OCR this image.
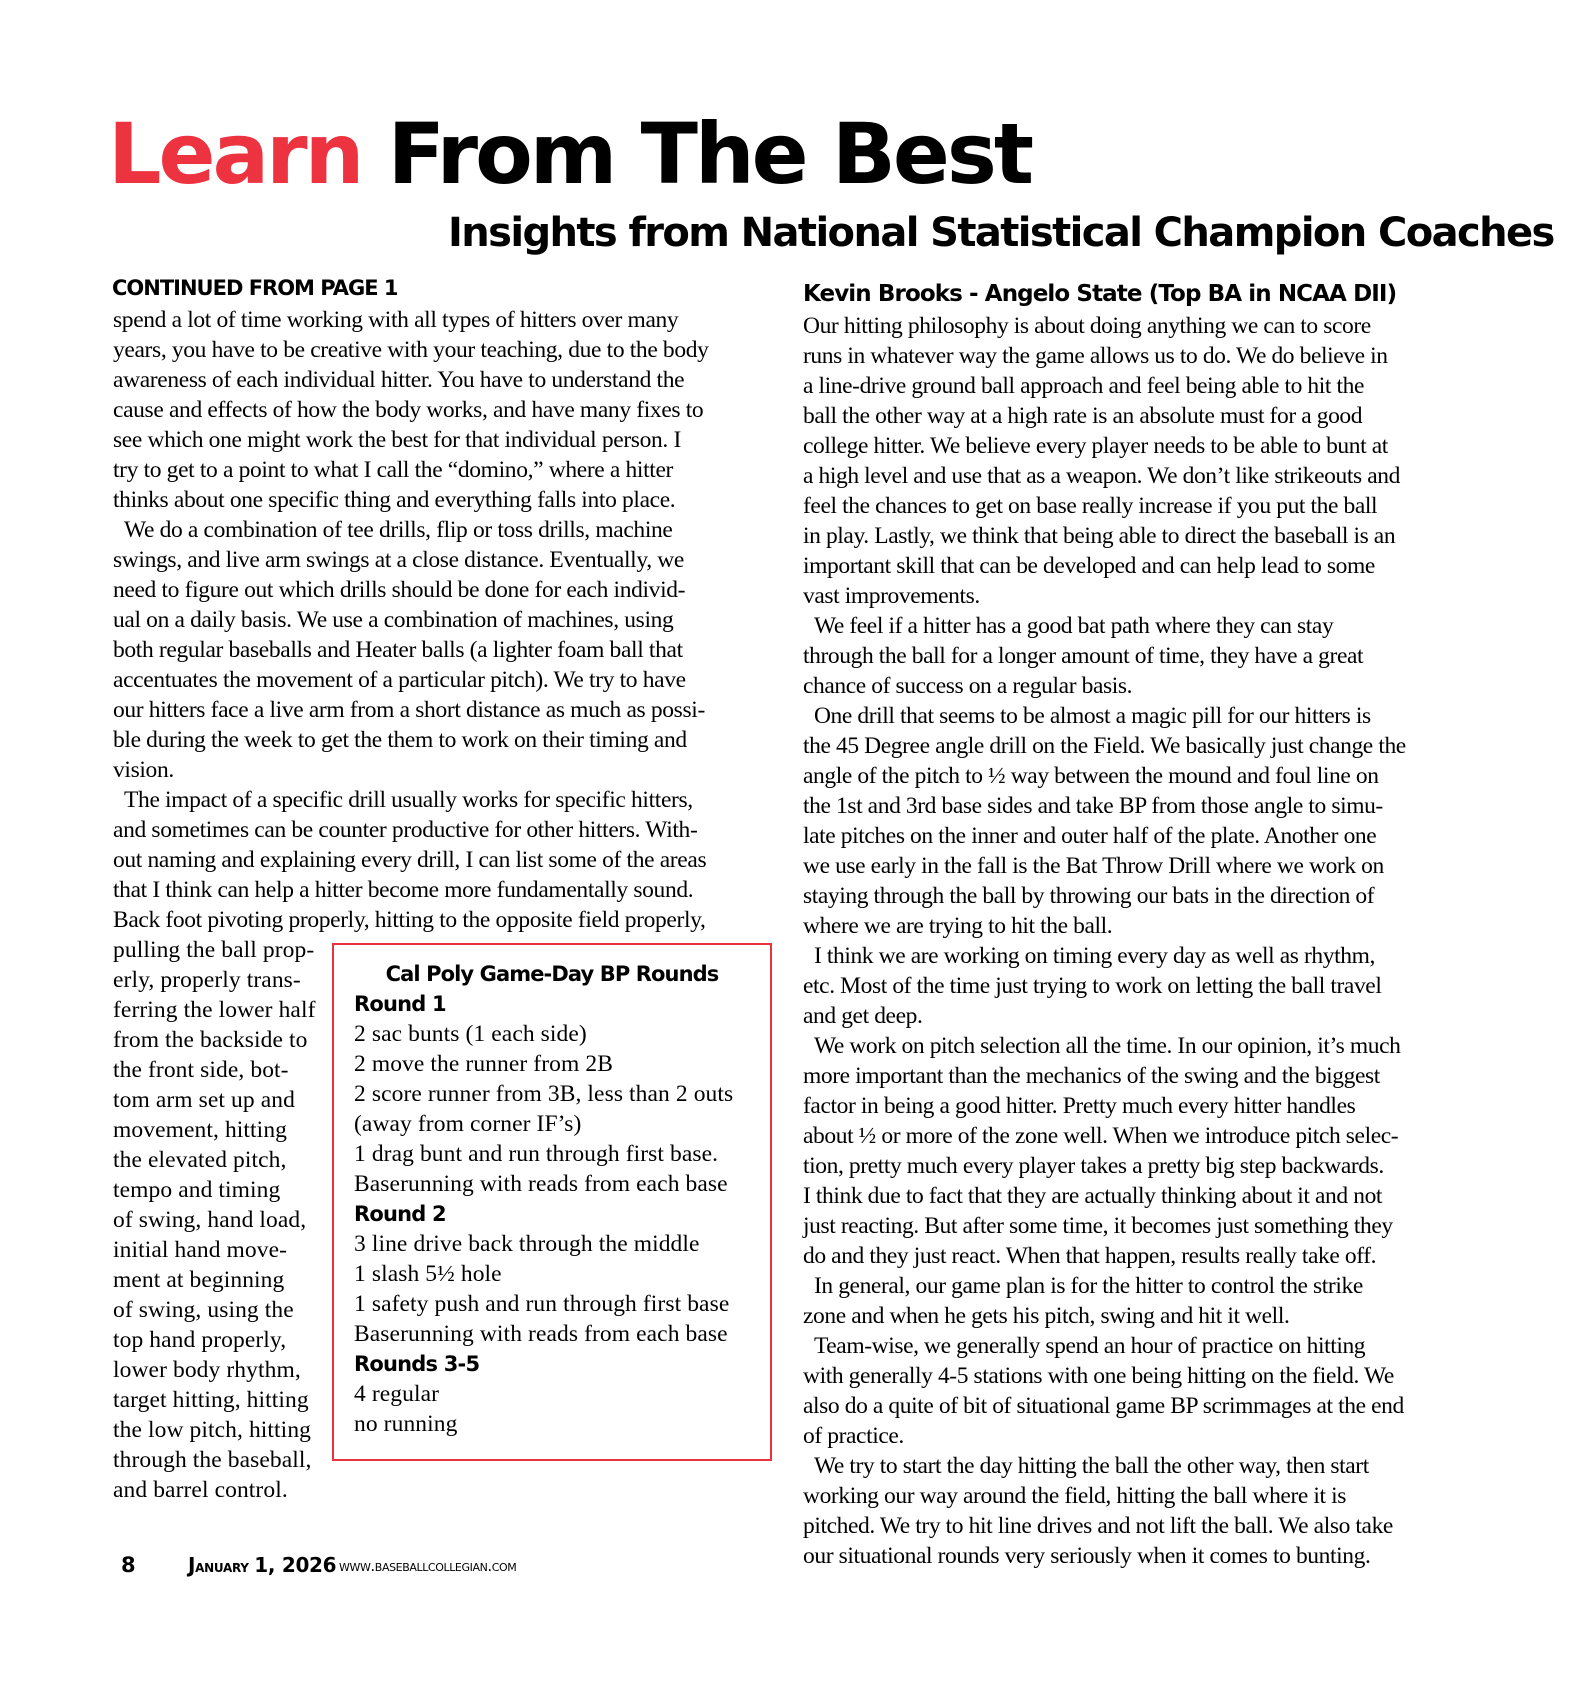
Learn From The Best
Insights from National Statistical Champion Coaches
CONTINUED FROM PAGE 1
spend a lot of time working with all types of hitters over many
years, you have to be creative with your teaching, due to the body
awareness of each individual hitter. You have to understand the
cause and effects of how the body works, and have many fixes to
see which one might work the best for that individual person. I
try to get to a point to what I call the “domino,” where a hitter
thinks about one specific thing and everything falls into place.
We do a combination of tee drills, flip or toss drills, machine
swings, and live arm swings at a close distance. Eventually, we
need to figure out which drills should be done for each individ-
ual on a daily basis. We use a combination of machines, using
both regular baseballs and Heater balls (a lighter foam ball that
accentuates the movement of a particular pitch). We try to have
our hitters face a live arm from a short distance as much as possi-
ble during the week to get the them to work on their timing and
vision.
The impact of a specific drill usually works for specific hitters,
and sometimes can be counter productive for other hitters. With-
out naming and explaining every drill, I can list some of the areas
that I think can help a hitter become more fundamentally sound.
Back foot pivoting properly, hitting to the opposite field properly,
pulling the ball prop-
erly, properly trans-
ferring the lower half
from the backside to
the front side, bot-
tom arm set up and
movement, hitting
the elevated pitch,
tempo and timing
of swing, hand load,
initial hand move-
ment at beginning
of swing, using the
top hand properly,
lower body rhythm,
target hitting, hitting
the low pitch, hitting
through the baseball,
and barrel control.
Cal Poly Game-Day BP Rounds
Round 1
2 sac bunts (1 each side)
2 move the runner from 2B
2 score runner from 3B, less than 2 outs
(away from corner IF’s)
1 drag bunt and run through first base.
Baserunning with reads from each base
Round 2
3 line drive back through the middle
1 slash 5½ hole
1 safety push and run through first base
Baserunning with reads from each base
Rounds 3-5
4 regular
no running
Kevin Brooks - Angelo State (Top BA in NCAA DII)
Our hitting philosophy is about doing anything we can to score
runs in whatever way the game allows us to do. We do believe in
a line-drive ground ball approach and feel being able to hit the
ball the other way at a high rate is an absolute must for a good
college hitter. We believe every player needs to be able to bunt at
a high level and use that as a weapon. We don’t like strikeouts and
feel the chances to get on base really increase if you put the ball
in play. Lastly, we think that being able to direct the baseball is an
important skill that can be developed and can help lead to some
vast improvements.
We feel if a hitter has a good bat path where they can stay
through the ball for a longer amount of time, they have a great
chance of success on a regular basis.
One drill that seems to be almost a magic pill for our hitters is
the 45 Degree angle drill on the Field. We basically just change the
angle of the pitch to ½ way between the mound and foul line on
the 1st and 3rd base sides and take BP from those angle to simu-
late pitches on the inner and outer half of the plate. Another one
we use early in the fall is the Bat Throw Drill where we work on
staying through the ball by throwing our bats in the direction of
where we are trying to hit the ball.
I think we are working on timing every day as well as rhythm,
etc. Most of the time just trying to work on letting the ball travel
and get deep.
We work on pitch selection all the time. In our opinion, it’s much
more important than the mechanics of the swing and the biggest
factor in being a good hitter. Pretty much every hitter handles
about ½ or more of the zone well. When we introduce pitch selec-
tion, pretty much every player takes a pretty big step backwards.
I think due to fact that they are actually thinking about it and not
just reacting. But after some time, it becomes just something they
do and they just react. When that happen, results really take off.
In general, our game plan is for the hitter to control the strike
zone and when he gets his pitch, swing and hit it well.
Team-wise, we generally spend an hour of practice on hitting
with generally 4-5 stations with one being hitting on the field. We
also do a quite of bit of situational game BP scrimmages at the end
of practice.
We try to start the day hitting the ball the other way, then start
working our way around the field, hitting the ball where it is
pitched. We try to hit line drives and not lift the ball. We also take
our situational rounds very seriously when it comes to bunting.
8	January 1, 2026 www.baseballcollegian.com
